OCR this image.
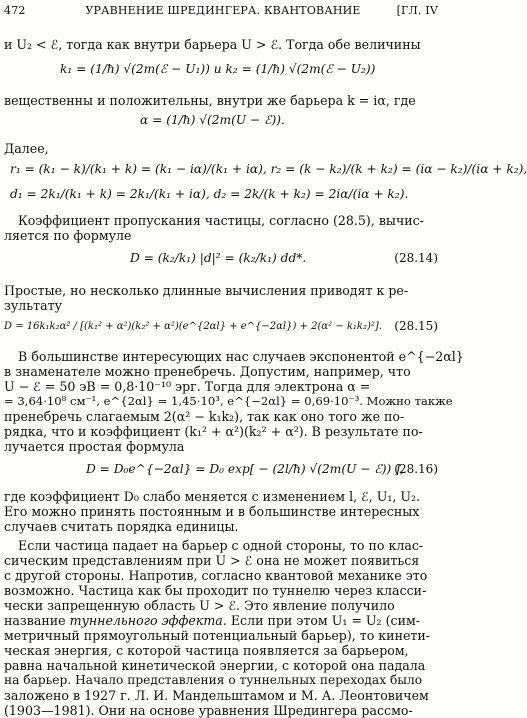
472	УРАВНЕНИЕ ШРЕДИНГЕРА. КВАНТОВАНИЕ	[ГЛ. IV
и U₂ < ℰ, тогда как внутри барьера U > ℰ. Тогда обе величины
k₁ = (1/ħ) √(2m(ℰ − U₁)) и k₂ = (1/ħ) √(2m(ℰ − U₂))
вещественны и положительны, внутри же барьера k = iα, где
α = (1/ħ) √(2m(U − ℰ)).
Далее,
r₁ = (k₁ − k)/(k₁ + k) = (k₁ − iα)/(k₁ + iα), r₂ = (k − k₂)/(k + k₂) = (iα − k₂)/(iα + k₂),
d₁ = 2k₁/(k₁ + k) = 2k₁/(k₁ + iα), d₂ = 2k/(k + k₂) = 2iα/(iα + k₂).
Коэффициент пропускания частицы, согласно (28.5), вычис-
ляется по формуле
D = (k₂/k₁) |d|² = (k₂/k₁) dd*.	(28.14)
Простые, но несколько длинные вычисления приводят к ре-
зультату
D = 16k₁k₂α² / [(k₁² + α²)(k₂² + α²)(e^{2αl} + e^{−2αl}) + 2(α² − k₁k₂)²].	(28.15)
В большинстве интересующих нас случаев экспонентой e^{−2αl}
в знаменателе можно пренебречь. Допустим, например, что
U − ℰ = 50 эВ = 0,8·10⁻¹⁰ эрг. Тогда для электрона α =
= 3,64·10⁸ см⁻¹, e^{2αl} = 1,45·10³, e^{−2αl} = 0,69·10⁻³. Можно также
пренебречь слагаемым 2(α² − k₁k₂), так как оно того же по-
рядка, что и коэффициент (k₁² + α²)(k₂² + α²). В результате по-
лучается простая формула
D = D₀e^{−2αl} = D₀ exp[ − (2l/ħ) √(2m(U − ℰ)) ],
(28.16)
где коэффициент D₀ слабо меняется с изменением l, ℰ, U₁, U₂.
Его можно принять постоянным и в большинстве интересных
случаев считать порядка единицы.
Если частица падает на барьер с одной стороны, то по клас-
сическим представлениям при U > ℰ она не может появиться
с другой стороны. Напротив, согласно квантовой механике это
возможно. Частица как бы проходит по туннелю через класси-
чески запрещенную область U > ℰ. Это явление получило
название туннельного эффекта. Если при этом U₁ = U₂ (сим-
метричный прямоугольный потенциальный барьер), то кинети-
ческая энергия, с которой частица появляется за барьером,
равна начальной кинетической энергии, с которой она падала
на барьер. Начало представления о туннельных переходах было
заложено в 1927 г. Л. И. Мандельштамом и М. А. Леонтовичем
(1903—1981). Они на основе уравнения Шредингера рассмо-
